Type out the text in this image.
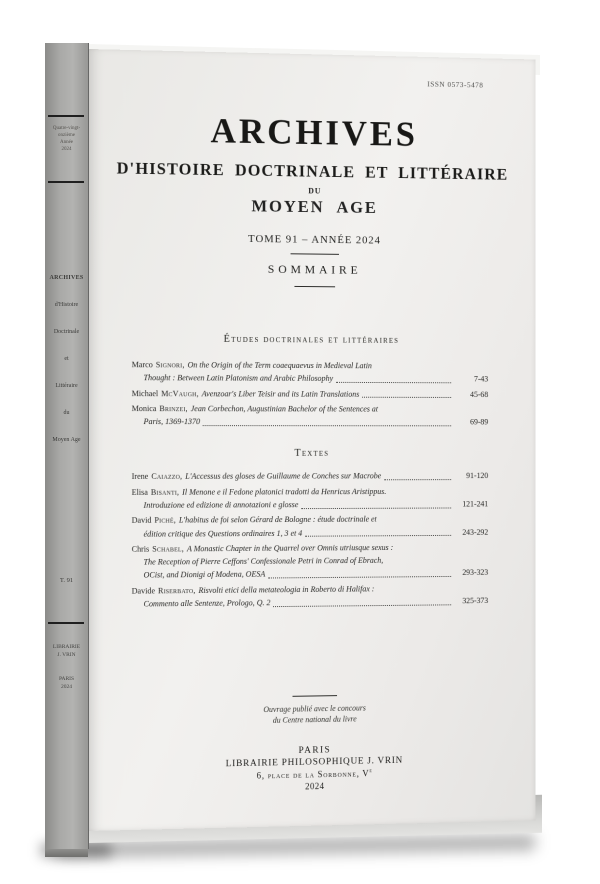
Quatre-vingt-
onzième
Année
2024
ARCHIVES
d'Histoire
Doctrinale
et
Littéraire
du
Moyen Age
T. 91
LIBRAIRIE
J. VRIN
PARIS
2024
ISSN 0573-5478
ARCHIVES
D'HISTOIRE DOCTRINALE ET LITTÉRAIRE
DU
MOYEN AGE
TOME 91 – ANNÉE 2024
SOMMAIRE
Études doctrinales et littéraires
Marco Signori, On the Origin of the Term coaequaevus in Medieval Latin
Thought : Between Latin Platonism and Arabic Philosophy	7-43
Michael McVaugh, Avenzoar's Liber Teisir and its Latin Translations	45-68
Monica Brinzei, Jean Corbechon, Augustinian Bachelor of the Sentences at
Paris, 1369-1370	69-89
Textes
Irene Caiazzo, L'Accessus des gloses de Guillaume de Conches sur Macrobe	91-120
Elisa Bisanti, Il Menone e il Fedone platonici tradotti da Henricus Aristippus.
Introduzione ed edizione di annotazioni e glosse	121-241
David Piché, L'habitus de foi selon Gérard de Bologne : étude doctrinale et
édition critique des Questions ordinaires 1, 3 et 4	243-292
Chris Schabel, A Monastic Chapter in the Quarrel over Omnis utriusque sexus :
The Reception of Pierre Ceffons' Confessionale Petri in Conrad of Ebrach,
OCist, and Dionigi of Modena, OESA	293-323
Davide Riserbato, Risvolti etici della metateologia in Roberto di Halifax :
Commento alle Sentenze, Prologo, Q. 2	325-373
Ouvrage publié avec le concours
du Centre national du livre
PARIS
LIBRAIRIE PHILOSOPHIQUE J. VRIN
6, place de la Sorbonne, Ve
2024
